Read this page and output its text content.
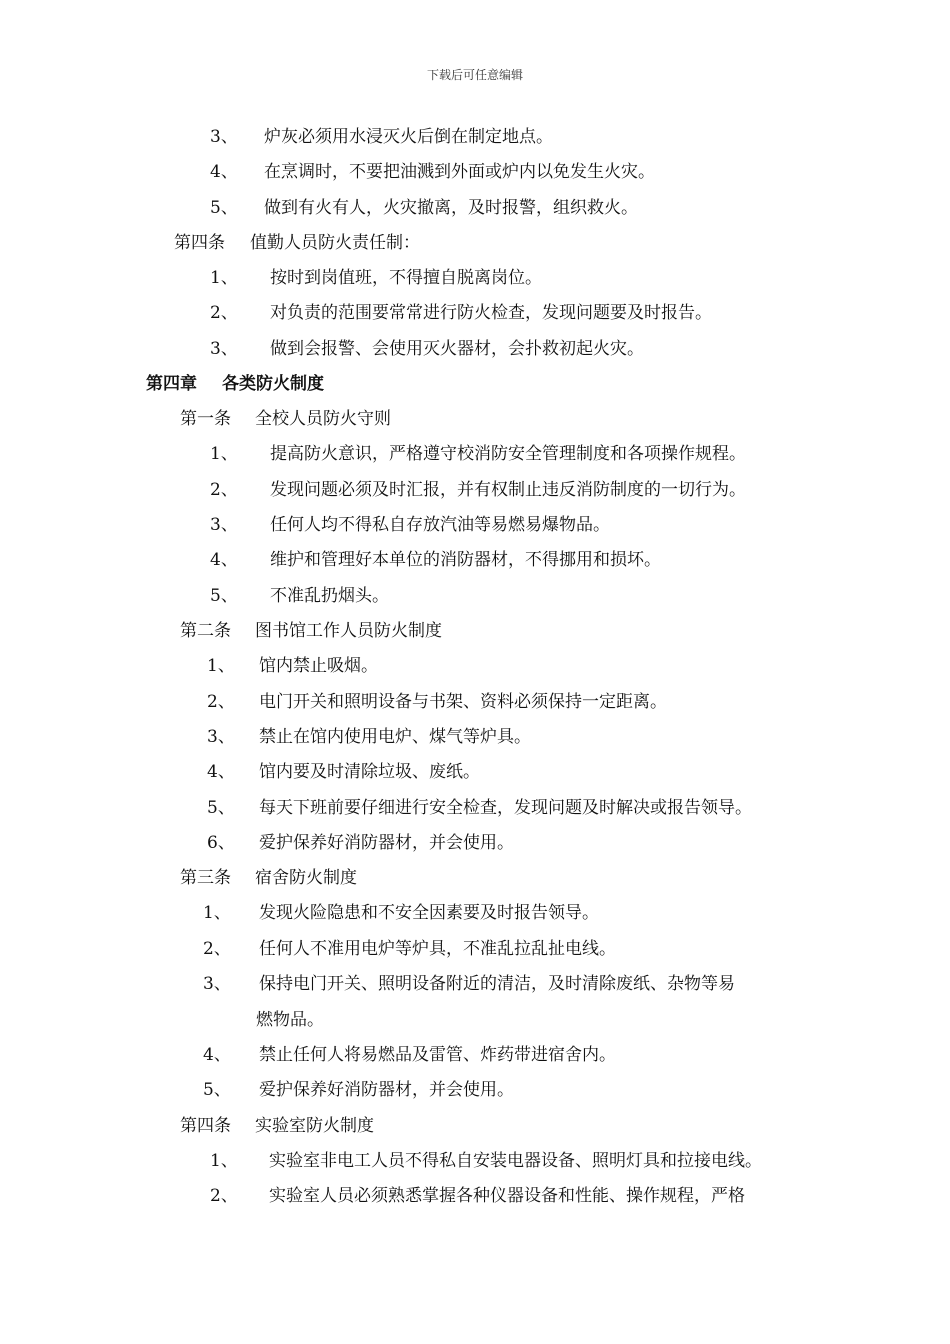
下载后可任意编辑
3、 炉灰必须用水浸灭火后倒在制定地点。
4、 在烹调时，不要把油溅到外面或炉内以免发生火灾。
5、 做到有火有人，火灾撤离，及时报警，组织救火。
第四条 值勤人员防火责任制：
1、 按时到岗值班，不得擅自脱离岗位。
2、 对负责的范围要常常进行防火检查，发现问题要及时报告。
3、 做到会报警、会使用灭火器材，会扑救初起火灾。
第四章 各类防火制度
第一条 全校人员防火守则
1、 提高防火意识，严格遵守校消防安全管理制度和各项操作规程。
2、 发现问题必须及时汇报，并有权制止违反消防制度的一切行为。
3、 任何人均不得私自存放汽油等易燃易爆物品。
4、 维护和管理好本单位的消防器材，不得挪用和损坏。
5、 不准乱扔烟头。
第二条 图书馆工作人员防火制度
1、 馆内禁止吸烟。
2、 电门开关和照明设备与书架、资料必须保持一定距离。
3、 禁止在馆内使用电炉、煤气等炉具。
4、 馆内要及时清除垃圾、废纸。
5、 每天下班前要仔细进行安全检查，发现问题及时解决或报告领导。
6、 爱护保养好消防器材，并会使用。
第三条 宿舍防火制度
1、 发现火险隐患和不安全因素要及时报告领导。
2、 任何人不准用电炉等炉具，不准乱拉乱扯电线。
3、 保持电门开关、照明设备附近的清洁，及时清除废纸、杂物等易
燃物品。
4、 禁止任何人将易燃品及雷管、炸药带进宿舍内。
5、 爱护保养好消防器材，并会使用。
第四条 实验室防火制度
1、 实验室非电工人员不得私自安装电器设备、照明灯具和拉接电线。
2、 实验室人员必须熟悉掌握各种仪器设备和性能、操作规程，严格
